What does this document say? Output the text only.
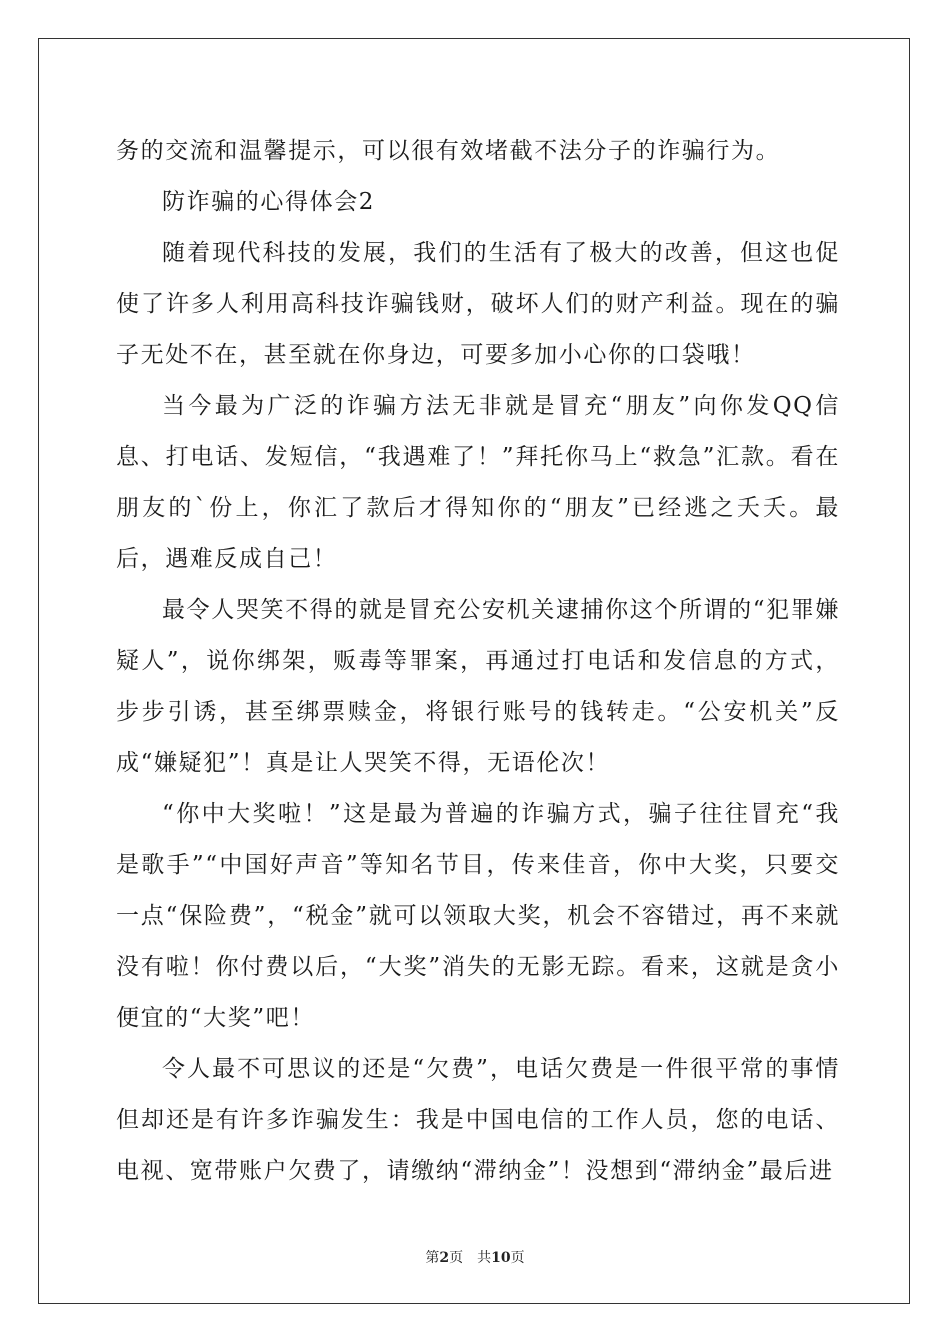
务的交流和温馨提示，可以很有效堵截不法分子的诈骗行为。

防诈骗的心得体会2

随着现代科技的发展，我们的生活有了极大的改善，但这也促使了许多人利用高科技诈骗钱财，破坏人们的财产利益。现在的骗子无处不在，甚至就在你身边，可要多加小心你的口袋哦！

当今最为广泛的诈骗方法无非就是冒充“朋友”向你发QQ信息、打电话、发短信，“我遇难了！”拜托你马上“救急”汇款。看在朋友的`份上，你汇了款后才得知你的“朋友”已经逃之夭夭。最后，遇难反成自己！

最令人哭笑不得的就是冒充公安机关逮捕你这个所谓的“犯罪嫌疑人”，说你绑架，贩毒等罪案，再通过打电话和发信息的方式，步步引诱，甚至绑票赎金，将银行账号的钱转走。“公安机关”反成“嫌疑犯”！真是让人哭笑不得，无语伦次！

“你中大奖啦！”这是最为普遍的诈骗方式，骗子往往冒充“我是歌手”“中国好声音”等知名节目，传来佳音，你中大奖，只要交一点“保险费”，“税金”就可以领取大奖，机会不容错过，再不来就没有啦！你付费以后，“大奖”消失的无影无踪。看来，这就是贪小便宜的“大奖”吧！

令人最不可思议的还是“欠费”，电话欠费是一件很平常的事情但却还是有许多诈骗发生：我是中国电信的工作人员，您的电话、电视、宽带账户欠费了，请缴纳“滞纳金”！没想到“滞纳金”最后进

第2页 共10页
